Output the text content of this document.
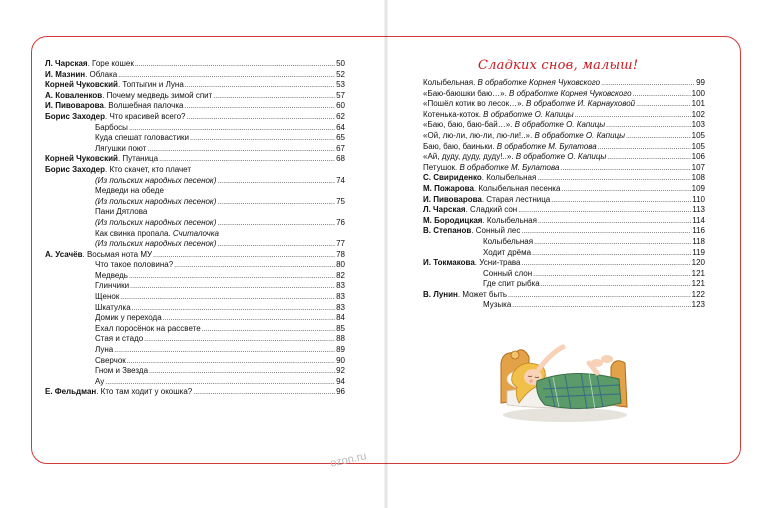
Л. Чарская. Горе кошек .....	50
И. Мазнин. Облака .....	52
Корней Чуковский. Топтыгин и Луна .....	53
А. Коваленков. Почему медведь зимой спит .....	57
И. Пивоварова. Волшебная палочка .....	60
Борис Заходер. Что красивей всего? .....	62
Барбосы .....	64
Куда спешат головастики .....	65
Лягушки поют .....	67
Корней Чуковский. Путаница .....	68
Борис Заходер. Кто скачет, кто плачет
(Из польских народных песенок) .....	74
Медведи на обеде
(Из польских народных песенок) .....	75
Пани Дятлова
(Из польских народных песенок) .....	76
Как свинка пропала. Считалочка
(Из польских народных песенок) .....	77
А. Усачёв. Восьмая нота МУ .....	78
Что такое половина? .....	80
Медведь .....	82
Глинчики .....	83
Щенок .....	83
Шкатулка .....	83
Домик у перехода .....	84
Ехал поросёнок на рассвете .....	85
Стая и стадо .....	88
Луна .....	89
Сверчок .....	90
Гном и Звезда .....	92
Ау .....	94
Е. Фельдман. Кто там ходит у окошка? .....	96
Сладких снов, малыш!
Колыбельная. В обработке Корнея Чуковского .....	99
«Баю-баюшки баю…». В обработке Корнея Чуковского .....	100
«Пошёл котик во лесок…». В обработке И. Карнауховой .....	101
Котенька-коток. В обработке О. Капицы .....	102
«Баю, баю, баю-бай…». В обработке О. Капицы .....	103
«Ой, лю-ли, лю-ли, лю-ли!..». В обработке О. Капицы .....	105
Баю, баю, баиньки. В обработке М. Булатова .....	105
«Ай, дуду, дуду, дуду!..». В обработке О. Капицы .....	106
Петушок. В обработке М. Булатова .....	107
С. Свириденко. Колыбельная .....	108
М. Пожарова. Колыбельная песенка .....	109
И. Пивоварова. Старая лестница .....	110
Л. Чарская. Сладкий сон .....	113
М. Бородицкая. Колыбельная .....	114
В. Степанов. Сонный лес .....	116
Колыбельная .....	118
Ходит дрёма .....	119
И. Токмакова. Усни-трава .....	120
Сонный слон .....	121
Где спит рыбка .....	121
В. Лунин. Может быть .....	122
Музыка .....	123
ozon.ru
